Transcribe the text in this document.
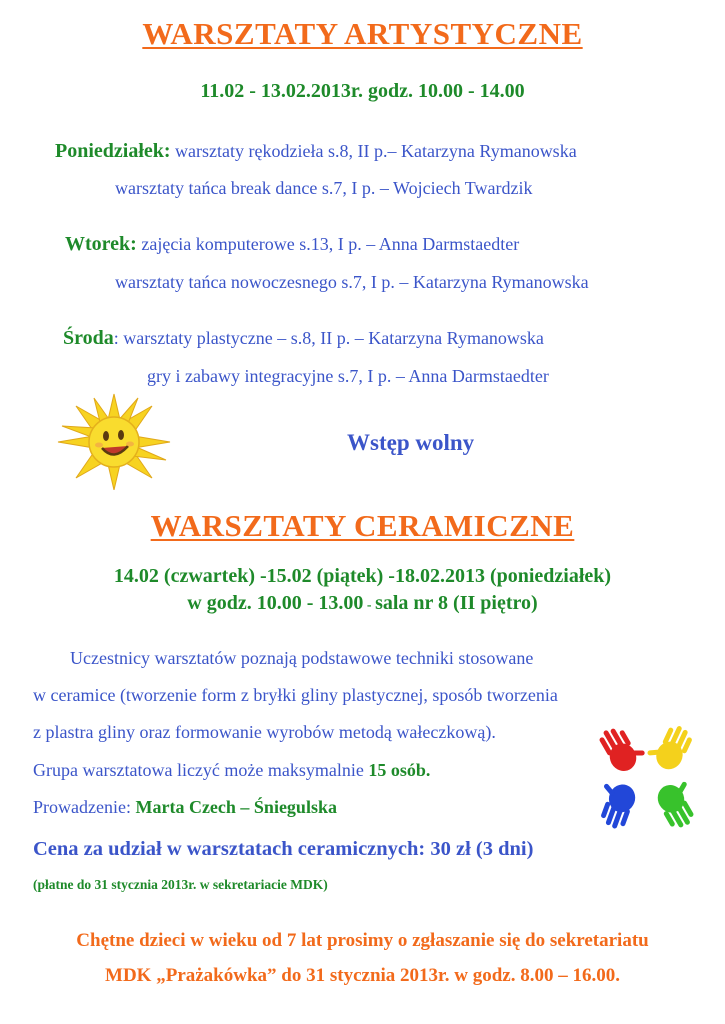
WARSZTATY ARTYSTYCZNE
11.02 - 13.02.2013r. godz. 10.00 - 14.00
Poniedziałek: warsztaty rękodzieła s.8, II p.– Katarzyna Rymanowska
warsztaty tańca break dance s.7, I p. – Wojciech Twardzik
Wtorek: zajęcia komputerowe s.13, I p. – Anna Darmstaedter
warsztaty tańca nowoczesnego s.7, I p. – Katarzyna Rymanowska
Środa: warsztaty plastyczne – s.8, II p. – Katarzyna Rymanowska
gry i zabawy integracyjne s.7, I p. – Anna Darmstaedter
Wstęp wolny
WARSZTATY CERAMICZNE
14.02 (czwartek) -15.02 (piątek) -18.02.2013 (poniedziałek)
w godz. 10.00 - 13.00 - sala nr 8 (II piętro)
Uczestnicy warsztatów poznają podstawowe techniki stosowane
w ceramice (tworzenie form z bryłki gliny plastycznej, sposób tworzenia
z plastra gliny oraz formowanie wyrobów metodą wałeczkową).
Grupa warsztatowa liczyć może maksymalnie 15 osób.
Prowadzenie: Marta Czech – Śniegulska
Cena za udział w warsztatach ceramicznych: 30 zł (3 dni)
(płatne do 31 stycznia 2013r. w sekretariacie MDK)
Chętne dzieci w wieku od 7 lat prosimy o zgłaszanie się do sekretariatu
MDK „Prażakówka” do 31 stycznia 2013r. w godz. 8.00 – 16.00.
